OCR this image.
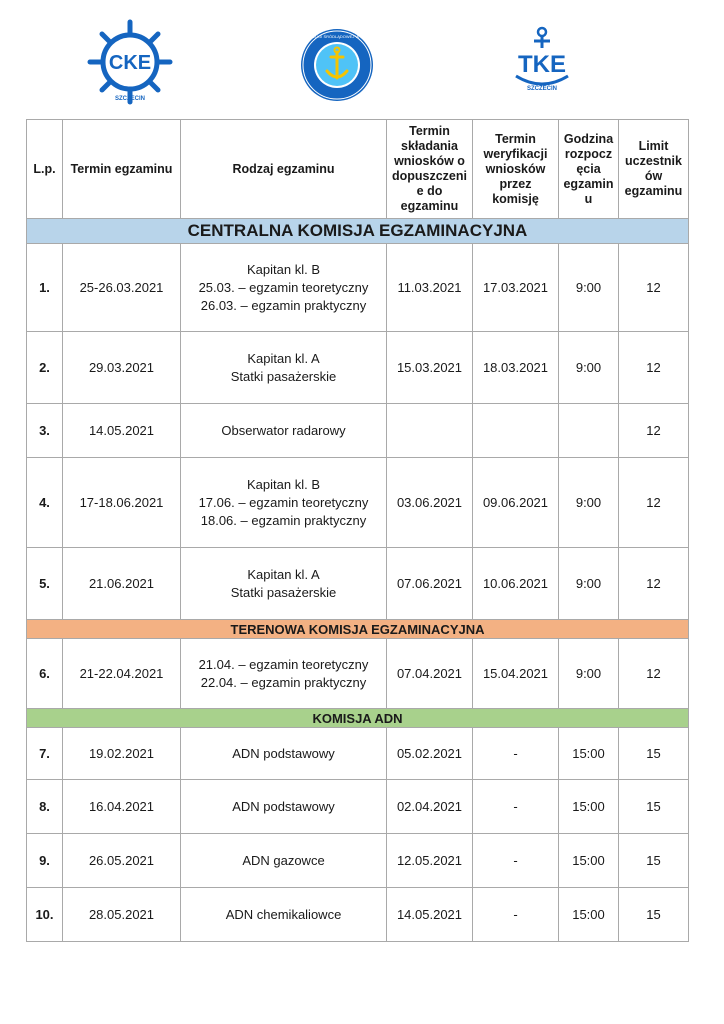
CKE
SZCZECIN
URZĄD ŻEGLUGI ŚRÓDLĄDOWEJ W SZCZECINIE
TKE
SZCZECIN
L.p.	Termin egzaminu	Rodzaj egzaminu	Termin składania wniosków o dopuszczeni e do egzaminu	Termin weryfikacji wniosków przez komisję	Godzina rozpocz ęcia egzamin u	Limit uczestnik ów egzaminu
CENTRALNA KOMISJA EGZAMINACYJNA						
1.	25-26.03.2021	Kapitan kl. B
25.03. – egzamin teoretyczny
26.03. – egzamin praktyczny	11.03.2021	17.03.2021	9:00	12
2.	29.03.2021	Kapitan kl. A
Statki pasażerskie	15.03.2021	18.03.2021	9:00	12
3.	14.05.2021	Obserwator radarowy				12
4.	17-18.06.2021	Kapitan kl. B
17.06. – egzamin teoretyczny
18.06. – egzamin praktyczny	03.06.2021	09.06.2021	9:00	12
5.	21.06.2021	Kapitan kl. A
Statki pasażerskie	07.06.2021	10.06.2021	9:00	12
TERENOWA KOMISJA EGZAMINACYJNA						
6.	21-22.04.2021	21.04. – egzamin teoretyczny
22.04. – egzamin praktyczny	07.04.2021	15.04.2021	9:00	12
KOMISJA ADN						
7.	19.02.2021	ADN podstawowy	05.02.2021	-	15:00	15
8.	16.04.2021	ADN podstawowy	02.04.2021	-	15:00	15
9.	26.05.2021	ADN gazowce	12.05.2021	-	15:00	15
10.	28.05.2021	ADN chemikaliowce	14.05.2021	-	15:00	15
